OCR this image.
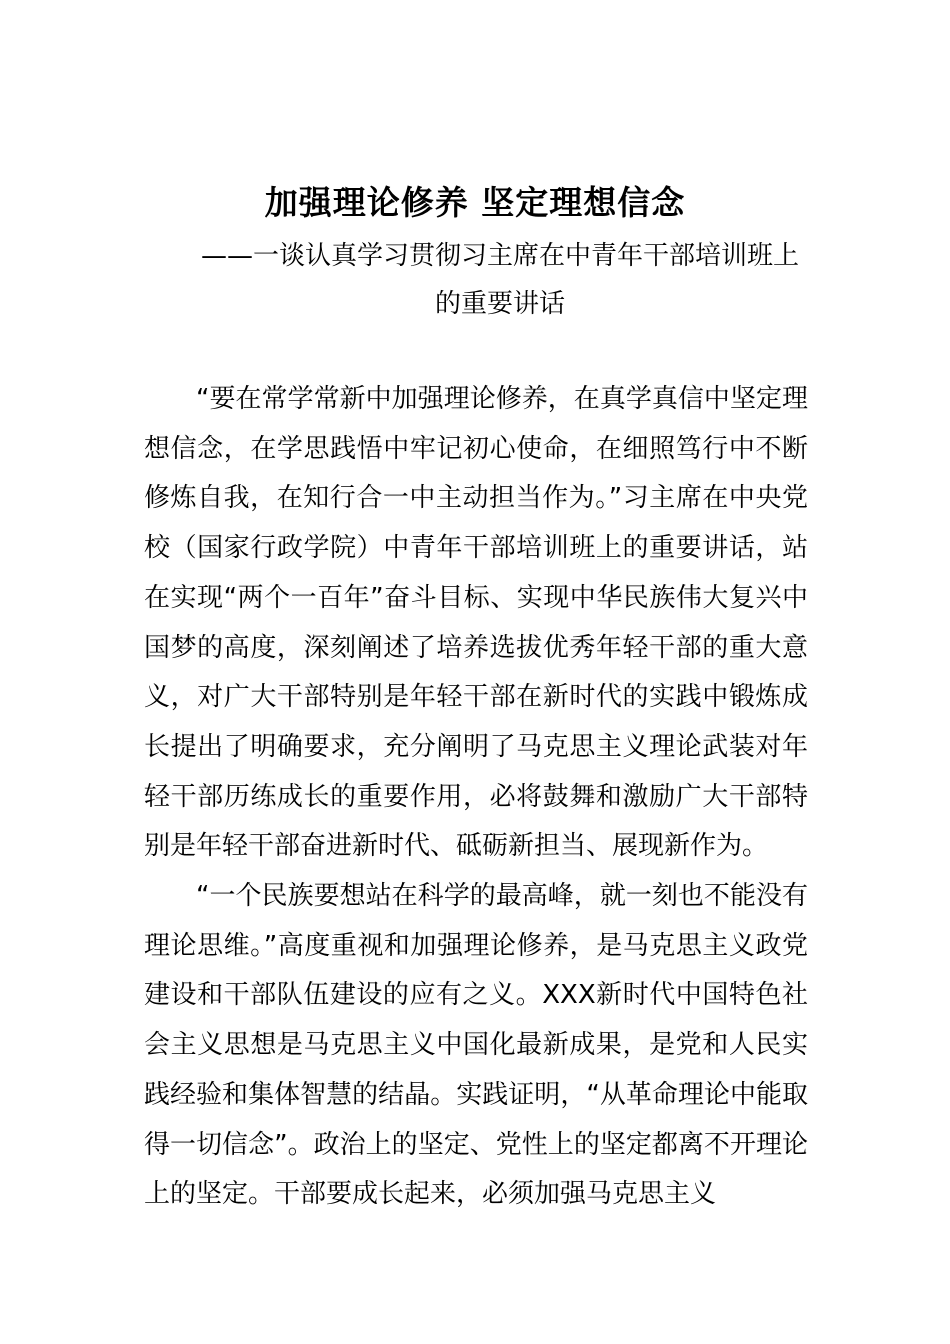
加强理论修养 坚定理想信念
——一谈认真学习贯彻习主席在中青年干部培训班上的重要讲话

“要在常学常新中加强理论修养，在真学真信中坚定理想信念，在学思践悟中牢记初心使命，在细照笃行中不断修炼自我，在知行合一中主动担当作为。”习主席在中央党校（国家行政学院）中青年干部培训班上的重要讲话，站在实现“两个一百年”奋斗目标、实现中华民族伟大复兴中国梦的高度，深刻阐述了培养选拔优秀年轻干部的重大意义，对广大干部特别是年轻干部在新时代的实践中锻炼成长提出了明确要求，充分阐明了马克思主义理论武装对年轻干部历练成长的重要作用，必将鼓舞和激励广大干部特别是年轻干部奋进新时代、砥砺新担当、展现新作为。

“一个民族要想站在科学的最高峰，就一刻也不能没有理论思维。”高度重视和加强理论修养，是马克思主义政党建设和干部队伍建设的应有之义。XXX新时代中国特色社会主义思想是马克思主义中国化最新成果，是党和人民实践经验和集体智慧的结晶。实践证明，“从革命理论中能取得一切信念”。政治上的坚定、党性上的坚定都离不开理论上的坚定。干部要成长起来，必须加强马克思主义
